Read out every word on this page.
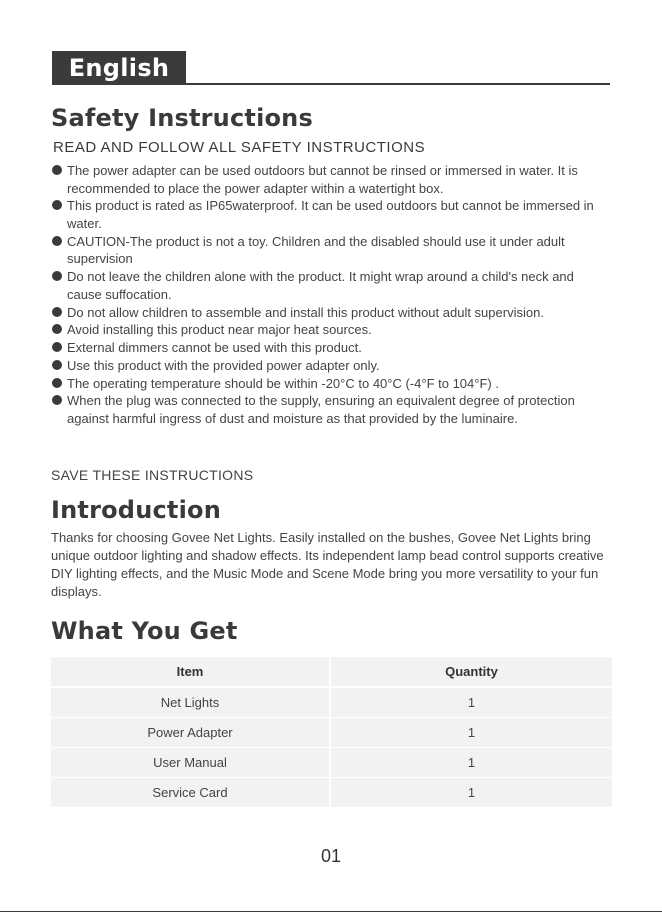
English
Safety Instructions

READ AND FOLLOW ALL SAFETY INSTRUCTIONS

The power adapter can be used outdoors but cannot be rinsed or immersed in water. It is recommended to place the power adapter within a watertight box.
This product is rated as IP65waterproof. It can be used outdoors but cannot be immersed in water.
CAUTION-The product is not a toy. Children and the disabled should use it under adult supervision
Do not leave the children alone with the product. It might wrap around a child's neck and cause suffocation.
Do not allow children to assemble and install this product without adult supervision.
Avoid installing this product near major heat sources.
External dimmers cannot be used with this product.
Use this product with the provided power adapter only.
The operating temperature should be within -20°C to 40°C (-4°F to 104°F) .
When the plug was connected to the supply, ensuring an equivalent degree of protection against harmful ingress of dust and moisture as that provided by the luminaire.

SAVE THESE INSTRUCTIONS

Introduction

Thanks for choosing Govee Net Lights. Easily installed on the bushes, Govee Net Lights bring unique outdoor lighting and shadow effects. Its independent lamp bead control supports creative DIY lighting effects, and the Music Mode and Scene Mode bring you more versatility to your fun displays.

What You Get
Item	Quantity
Net Lights	1
Power Adapter	1
User Manual	1
Service Card	1
01
